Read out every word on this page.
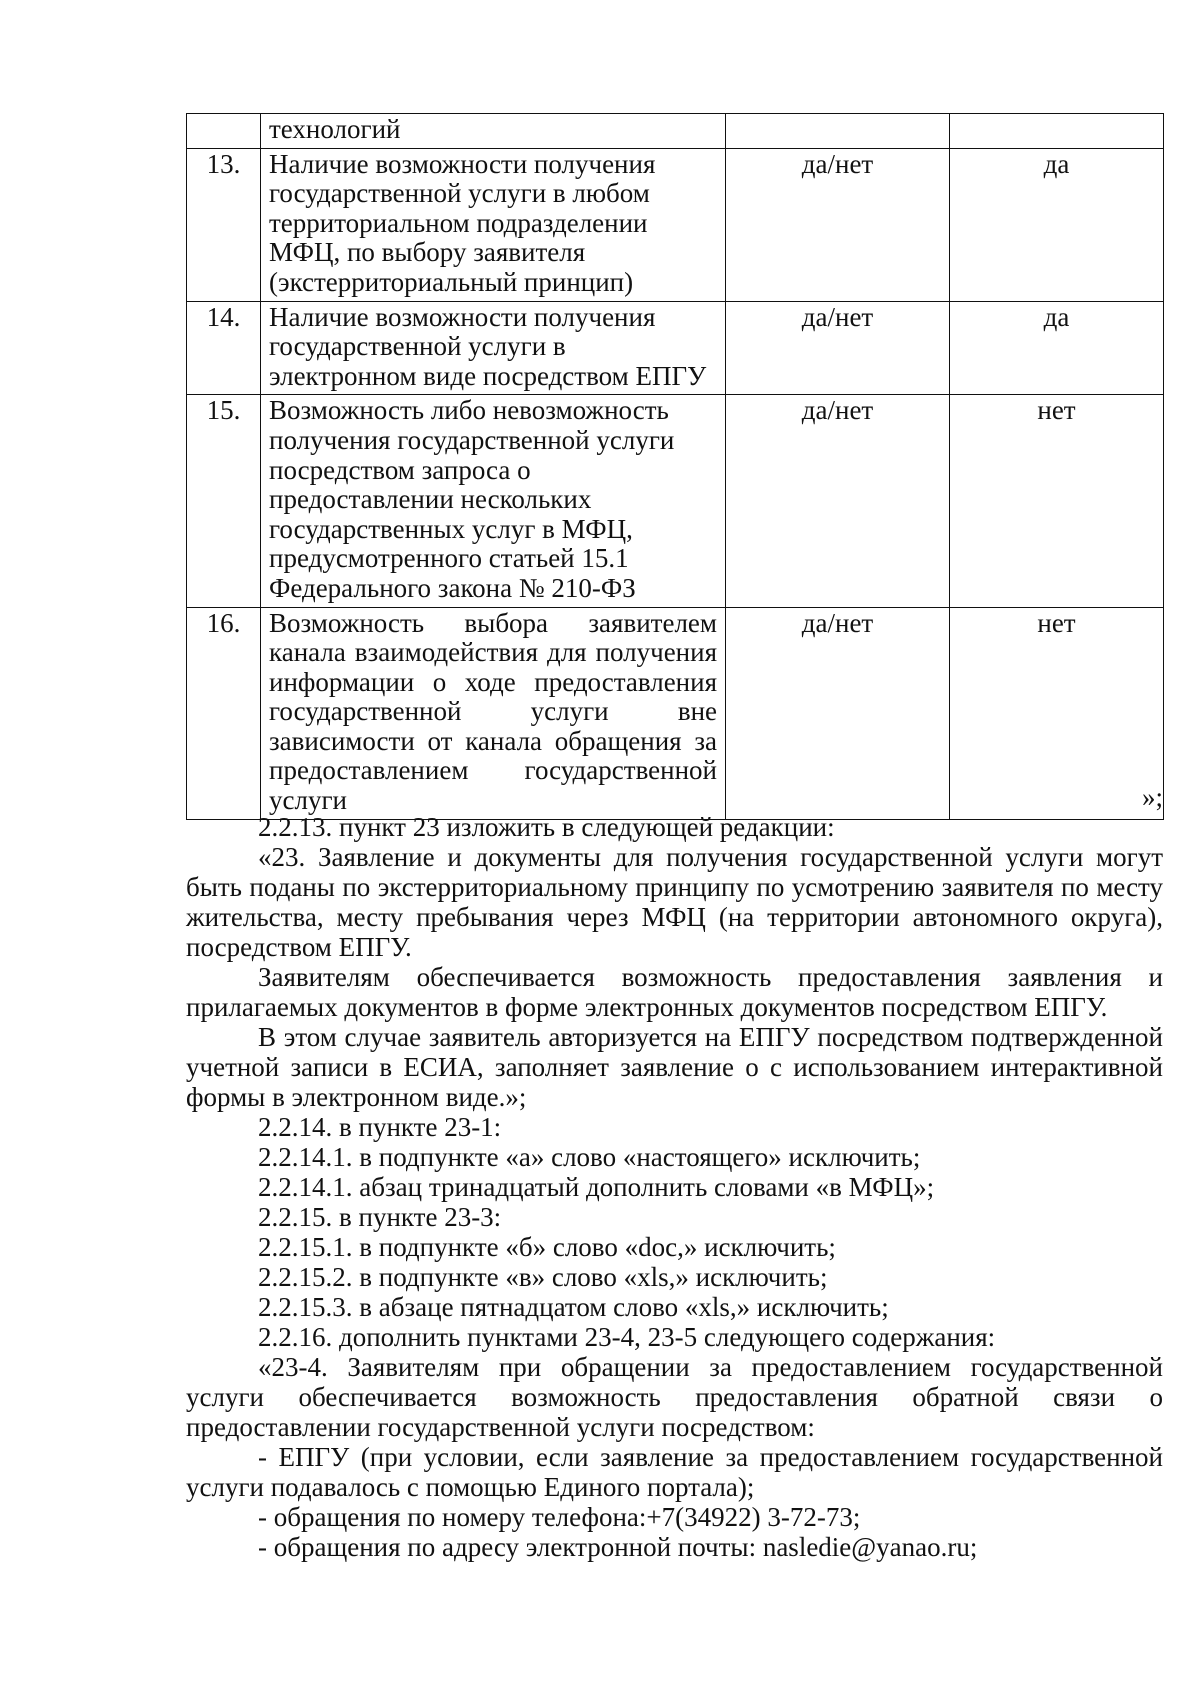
	технологий		
13.	Наличие возможности получения государственной услуги в любом территориальном подразделении МФЦ, по выбору заявителя (экстерриториальный принцип)	да/нет	да
14.	Наличие возможности получения государственной услуги в электронном виде посредством ЕПГУ	да/нет	да
15.	Возможность либо невозможность получения государственной услуги посредством запроса о предоставлении нескольких государственных услуг в МФЦ, предусмотренного статьей 15.1 Федерального закона № 210-ФЗ	да/нет	нет
16.	Возможность выбора заявителем канала взаимодействия для получения информации о ходе предоставления государственной услуги вне зависимости от канала обращения за предоставлением государственной услуги	да/нет	нет
»;

2.2.13. пункт 23 изложить в следующей редакции:

«23. Заявление и документы для получения государственной услуги могут быть поданы по экстерриториальному принципу по усмотрению заявителя по месту жительства, месту пребывания через МФЦ (на территории автономного округа), посредством ЕПГУ.

Заявителям обеспечивается возможность предоставления заявления и прилагаемых документов в форме электронных документов посредством ЕПГУ.

В этом случае заявитель авторизуется на ЕПГУ посредством подтвержденной учетной записи в ЕСИА, заполняет заявление о с использованием интерактивной формы в электронном виде.»;

2.2.14. в пункте 23-1:

2.2.14.1. в подпункте «а» слово «настоящего» исключить;

2.2.14.1. абзац тринадцатый дополнить словами «в МФЦ»;

2.2.15. в пункте 23-3:

2.2.15.1. в подпункте «б» слово «doc,» исключить;

2.2.15.2. в подпункте «в» слово «xls,» исключить;

2.2.15.3. в абзаце пятнадцатом слово «xls,» исключить;

2.2.16. дополнить пунктами 23-4, 23-5 следующего содержания:

«23-4. Заявителям при обращении за предоставлением государственной услуги обеспечивается возможность предоставления обратной связи о предоставлении государственной услуги посредством:

- ЕПГУ (при условии, если заявление за предоставлением государственной услуги подавалось с помощью Единого портала);

- обращения по номеру телефона:+7(34922) 3-72-73;

- обращения по адресу электронной почты: nasledie@yanao.ru;
